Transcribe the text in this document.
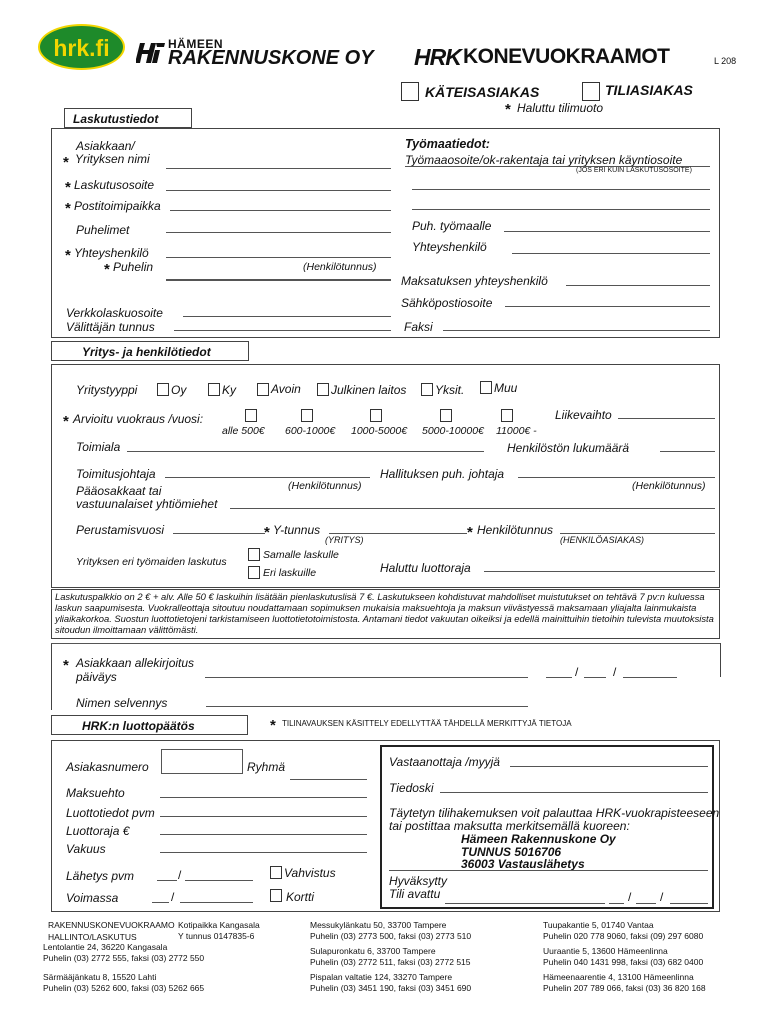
hrk.fi	HÄMEEN
RAKENNUSKONE OY HRK KONEVUOKRAAMOT	L 208
KÄTEISASIAKAS	TILIASIAKAS
* Haluttu tilimuoto
Laskutustiedot
Asiakkaan/
* Yrityksen nimi
* Laskutusosoite
* Postitoimipaikka
Puhelimet
* Yhteyshenkilö
* Puhelin	(Henkilötunnus)
Verkkolaskuosoite
Välittäjän tunnus
Työmaatiedot:
Työmaaosoite/ok-rakentaja tai yrityksen käyntiosoite
(JOS ERI KUIN LASKUTUSOSOITE)
Puh. työmaalle
Yhteyshenkilö
Maksatuksen yhteyshenkilö
Sähköpostiosoite
Faksi
Yritys- ja henkilötiedot
Yritystyyppi	Oy	Ky	Avoin	Julkinen laitos Yksit. Muu
* Arvioitu vuokraus /vuosi:
alle 500€ 600-1000€ 1000-5000€ 5000-10000€ 11000€ -
Liikevaihto
Toimiala	Henkilöstön lukumäärä
Toimitusjohtaja
(Henkilötunnus)
Hallituksen puh. johtaja
(Henkilötunnus)
Pääosakkaat tai
vastuunalaiset yhtiömiehet
Perustamisvuosi	* Y-tunnus
(YRITYS)	* Henkilötunnus
(HENKILÖASIAKAS)
Yrityksen eri työmaiden laskutus
Samalle laskulle
Eri laskuille	Haluttu luottoraja
Laskutuspalkkio on 2 € + alv. Alle 50 € laskuihin lisätään pienlaskutuslisä 7 €. Laskutukseen kohdistuvat mahdolliset muistutukset on tehtävä 7 pv:n kuluessa laskun saapumisesta. Vuokralleottaja sitoutuu noudattamaan sopimuksen mukaisia maksuehtoja ja maksun viivästyessä maksamaan yliajalta lainmukaista yliaikakorkoa. Suostun luottotietojeni tarkistamiseen luottotietotoimistosta. Antamani tiedot vakuutan oikeiksi ja edellä mainittuihin tietoihin tulevista muutoksista sitoudun ilmoittamaan välittömästi.
* Asiakkaan allekirjoitus
päiväys	/	/
Nimen selvennys
HRK:n luottopäätös	* TILINAVAUKSEN KÄSITTELY EDELLYTTÄÄ TÄHDELLÄ MERKITTYJÄ TIETOJA
Asiakasnumero	Ryhmä
Maksuehto
Luottotiedot pvm
Luottoraja €
Vakuus
Lähetys pvm	/	Vahvistus
Voimassa	/	Kortti
Vastaanottaja /myyjä
Tiedoski
Täytetyn tilihakemuksen voit palauttaa HRK-vuokrapisteeseen
tai postittaa maksutta merkitsemällä kuoreen:
Hämeen Rakennuskone Oy
TUNNUS 5016706
36003 Vastauslähetys
Hyväksytty
Tili avattu	/ /
RAKENNUSKONEVUOKRAAMO
HALLINTO/LASKUTUS
Kotipaikka Kangasala
Y tunnus 0147835-6
Lentolantie 24, 36220 Kangasala
Puhelin (03) 2772 555, faksi (03) 2772 550
Särmääjänkatu 8, 15520 Lahti
Puhelin (03) 5262 600, faksi (03) 5262 665
Messukylänkatu 50, 33700 Tampere
Puhelin (03) 2773 500, faksi (03) 2773 510
Sulapuronkatu 6, 33700 Tampere
Puhelin (03) 2772 511, faksi (03) 2772 515
Pispalan valtatie 124, 33270 Tampere
Puhelin (03) 3451 190, faksi (03) 3451 690
Tuupakantie 5, 01740 Vantaa
Puhelin 020 778 9060, faksi (09) 297 6080
Uuraantie 5, 13600 Hämeenlinna
Puhelin 040 1431 998, faksi (03) 682 0400
Hämeenaarentie 4, 13100 Hämeenlinna
Puhelin 207 789 066, faksi (03) 36 820 168
